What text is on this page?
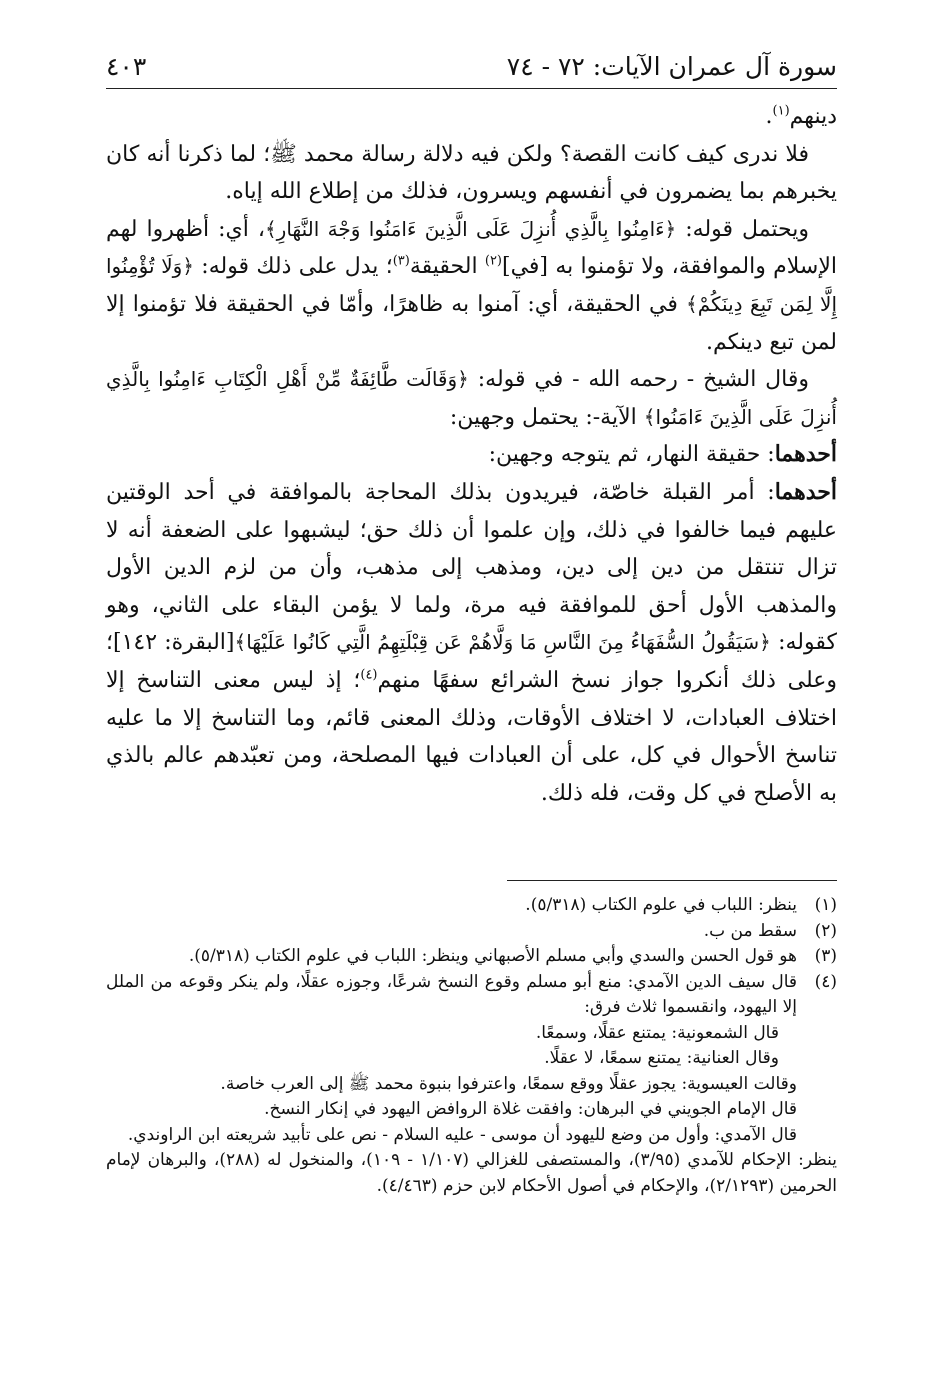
سورة آل عمران الآيات: ٧٢ - ٧٤
٤٠٣

دينهم$^{(١)}$.

فلا ندرى كيف كانت القصة؟ ولكن فيه دلالة رسالة محمد ﷺ؛ لما ذكرنا أنه كان يخبرهم بما يضمرون في أنفسهم ويسرون، فذلك من إطلاع الله إياه.

ويحتمل قوله: ﴿ءَامِنُوا بِالَّذِي أُنزِلَ عَلَى الَّذِينَ ءَامَنُوا وَجْهَ النَّهَارِ﴾، أي: أظهروا لهم الإسلام والموافقة، ولا تؤمنوا به [في]$^{(٢)}$ الحقيقة$^{(٣)}$؛ يدل على ذلك قوله: ﴿وَلَا تُؤْمِنُوا إِلَّا لِمَن تَبِعَ دِينَكُمْ﴾ في الحقيقة، أي: آمنوا به ظاهرًا، وأمّا في الحقيقة فلا تؤمنوا إلا لمن تبع دينكم.

وقال الشيخ - رحمه الله - في قوله: ﴿وَقَالَت طَّائِفَةٌ مِّنْ أَهْلِ الْكِتَابِ ءَامِنُوا بِالَّذِي أُنزِلَ عَلَى الَّذِينَ ءَامَنُوا﴾ الآية-: يحتمل وجهين:

أحدهما: حقيقة النهار، ثم يتوجه وجهين:

أحدهما: أمر القبلة خاصّة، فيريدون بذلك المحاجة بالموافقة في أحد الوقتين عليهم فيما خالفوا في ذلك، وإن علموا أن ذلك حق؛ ليشبهوا على الضعفة أنه لا تزال تنتقل من دين إلى دين، ومذهب إلى مذهب، وأن من لزم الدين الأول والمذهب الأول أحق للموافقة فيه مرة، ولما لا يؤمن البقاء على الثاني، وهو كقوله: ﴿سَيَقُولُ السُّفَهَاءُ مِنَ النَّاسِ مَا وَلَّاهُمْ عَن قِبْلَتِهِمُ الَّتِي كَانُوا عَلَيْهَا﴾[البقرة: ١٤٢]؛ وعلى ذلك أنكروا جواز نسخ الشرائع سفهًا منهم$^{(٤)}$؛ إذ ليس معنى التناسخ إلا اختلاف العبادات، لا اختلاف الأوقات، وذلك المعنى قائم، وما التناسخ إلا ما عليه تناسخ الأحوال في كل، على أن العبادات فيها المصلحة، ومن تعبّدهم عالم بالذي به الأصلح في كل وقت، فله ذلك.

(١)
ينظر: اللباب في علوم الكتاب (٥/٣١٨).
(٢)
سقط من ب.
(٣)
هو قول الحسن والسدي وأبي مسلم الأصبهاني وينظر: اللباب في علوم الكتاب (٥/٣١٨).
(٤)
قال سيف الدين الآمدي: منع أبو مسلم وقوع النسخ شرعًا، وجوزه عقلًا، ولم ينكر وقوعه من الملل إلا اليهود، وانقسموا ثلاث فرق:
قال الشمعونية: يمتنع عقلًا، وسمعًا.
وقال العنانية: يمتنع سمعًا، لا عقلًا.
وقالت العيسوية: يجوز عقلًا ووقع سمعًا، واعترفوا بنبوة محمد ﷺ إلى العرب خاصة.
قال الإمام الجويني في البرهان: وافقت غلاة الروافض اليهود في إنكار النسخ.
قال الآمدي: وأول من وضع لليهود أن موسى - عليه السلام - نص على تأبيد شريعته ابن الراوندي.
ينظر: الإحكام للآمدي (٣/٩٥)، والمستصفى للغزالي (١/١٠٧ - ١٠٩)، والمنخول له (٢٨٨)، والبرهان لإمام الحرمين (٢/١٢٩٣)، والإحكام في أصول الأحكام لابن حزم (٤/٤٦٣).
